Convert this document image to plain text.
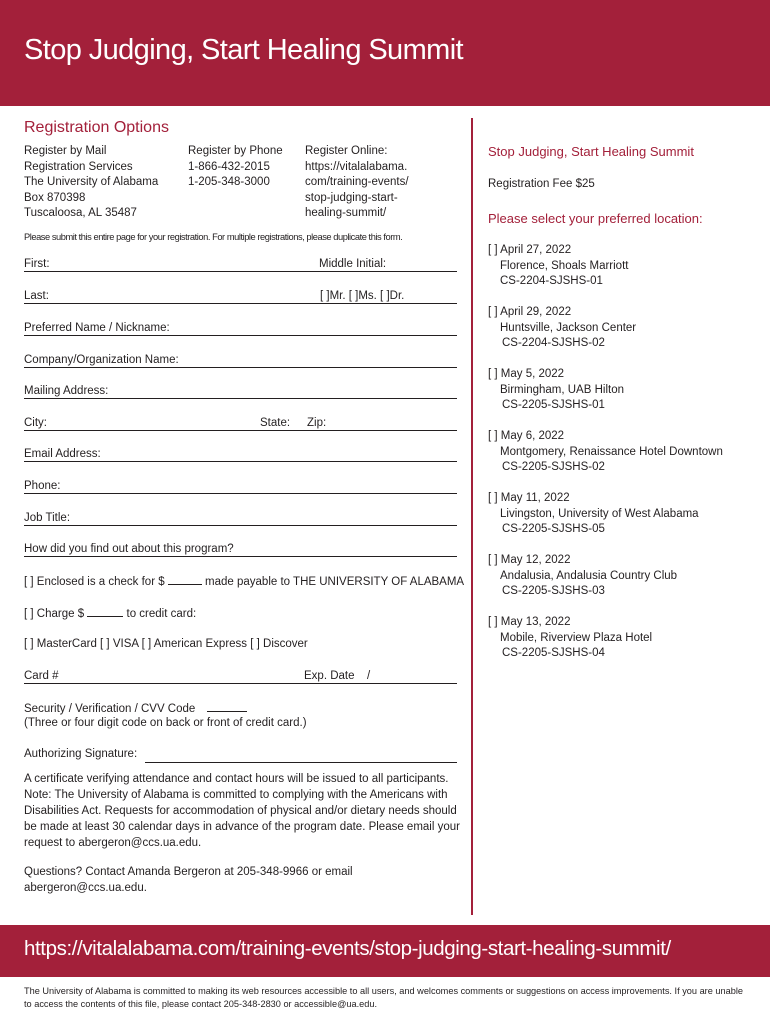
Stop Judging, Start Healing Summit
Registration Options
Register by Mail
Registration Services
The University of Alabama
Box 870398
Tuscaloosa, AL 35487
Register by Phone
1-866-432-2015
1-205-348-3000
Register Online:
https://vitalalabama.
com/training-events/
stop-judging-start-
healing-summit/
Please submit this entire page for your registration. For multiple registrations, please duplicate this form.
First:	Middle Initial:
Last:	[ ]Mr. [ ]Ms. [ ]Dr.
Preferred Name / Nickname:
Company/Organization Name:
Mailing Address:
City:	State: Zip:
Email Address:
Phone:
Job Title:
How did you find out about this program?
[ ] Enclosed is a check for $	made payable to THE UNIVERSITY OF ALABAMA
[ ] Charge $	to credit card:
[ ] MasterCard [ ] VISA [ ] American Express [ ] Discover
Card #	Exp. Date /
Security / Verification / CVV Code
(Three or four digit code on back or front of credit card.)
Authorizing Signature:
A certificate verifying attendance and contact hours will be issued to all participants. Note: The University of Alabama is committed to complying with the Americans with Disabilities Act. Requests for accommodation of physical and/or dietary needs should be made at least 30 calendar days in advance of the program date. Please email your request to abergeron@ccs.ua.edu.
Questions? Contact Amanda Bergeron at 205-348-9966 or email abergeron@ccs.ua.edu.
Stop Judging, Start Healing Summit
Registration Fee $25
Please select your preferred location:
[ ] April 27, 2022
Florence, Shoals Marriott
CS-2204-SJSHS-01
[ ] April 29, 2022
Huntsville, Jackson Center
CS-2204-SJSHS-02
[ ] May 5, 2022
Birmingham, UAB Hilton
CS-2205-SJSHS-01
[ ] May 6, 2022
Montgomery, Renaissance Hotel Downtown
CS-2205-SJSHS-02
[ ] May 11, 2022
Livingston, University of West Alabama
CS-2205-SJSHS-05
[ ] May 12, 2022
Andalusia, Andalusia Country Club
CS-2205-SJSHS-03
[ ] May 13, 2022
Mobile, Riverview Plaza Hotel
CS-2205-SJSHS-04
https://vitalalabama.com/training-events/stop-judging-start-healing-summit/
The University of Alabama is committed to making its web resources accessible to all users, and welcomes comments or suggestions on access improvements. If you are unable to access the contents of this file, please contact 205-348-2830 or accessible@ua.edu.
